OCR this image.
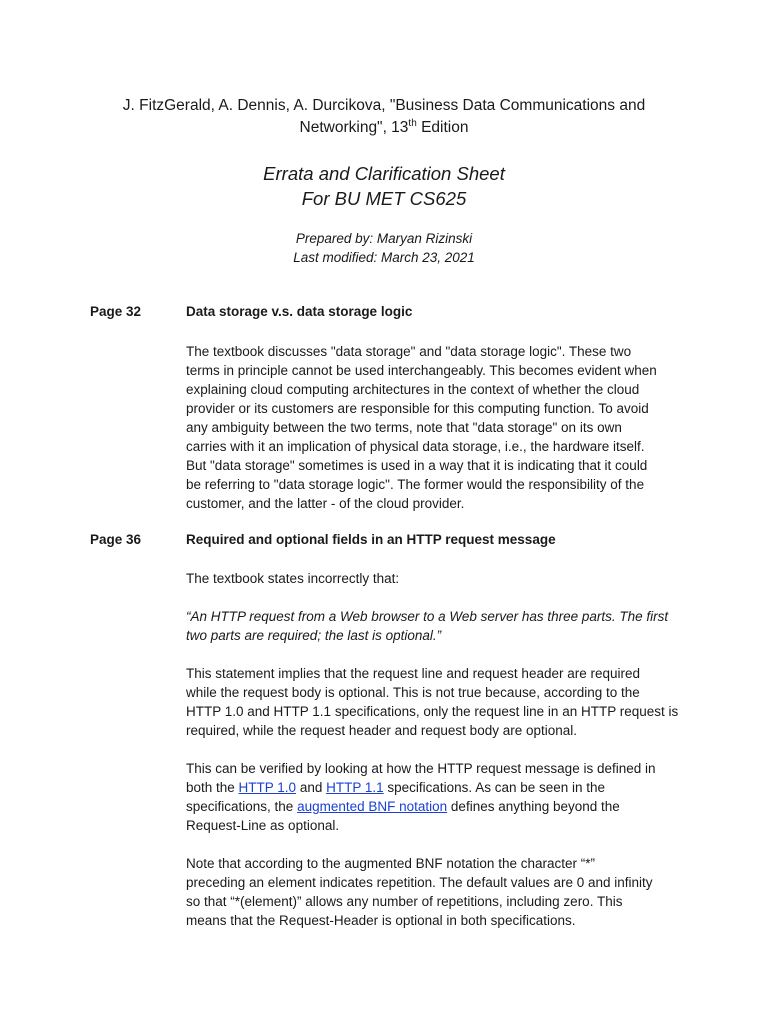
J. FitzGerald, A. Dennis, A. Durcikova, "Business Data Communications and
Networking", 13th Edition
Errata and Clarification Sheet
For BU MET CS625
Prepared by: Maryan Rizinski
Last modified: March 23, 2021
Page 32	Data storage v.s. data storage logic
The textbook discusses "data storage" and "data storage logic". These two
terms in principle cannot be used interchangeably. This becomes evident when
explaining cloud computing architectures in the context of whether the cloud
provider or its customers are responsible for this computing function. To avoid
any ambiguity between the two terms, note that "data storage" on its own
carries with it an implication of physical data storage, i.e., the hardware itself.
But "data storage" sometimes is used in a way that it is indicating that it could
be referring to "data storage logic". The former would the responsibility of the
customer, and the latter - of the cloud provider.
Page 36	Required and optional fields in an HTTP request message
The textbook states incorrectly that:
“An HTTP request from a Web browser to a Web server has three parts. The first
two parts are required; the last is optional.”
This statement implies that the request line and request header are required
while the request body is optional. This is not true because, according to the
HTTP 1.0 and HTTP 1.1 specifications, only the request line in an HTTP request is
required, while the request header and request body are optional.
This can be verified by looking at how the HTTP request message is defined in
both the HTTP 1.0 and HTTP 1.1 specifications. As can be seen in the
specifications, the augmented BNF notation defines anything beyond the
Request-Line as optional.
Note that according to the augmented BNF notation the character “*”
preceding an element indicates repetition. The default values are 0 and infinity
so that “*(element)” allows any number of repetitions, including zero. This
means that the Request-Header is optional in both specifications.
